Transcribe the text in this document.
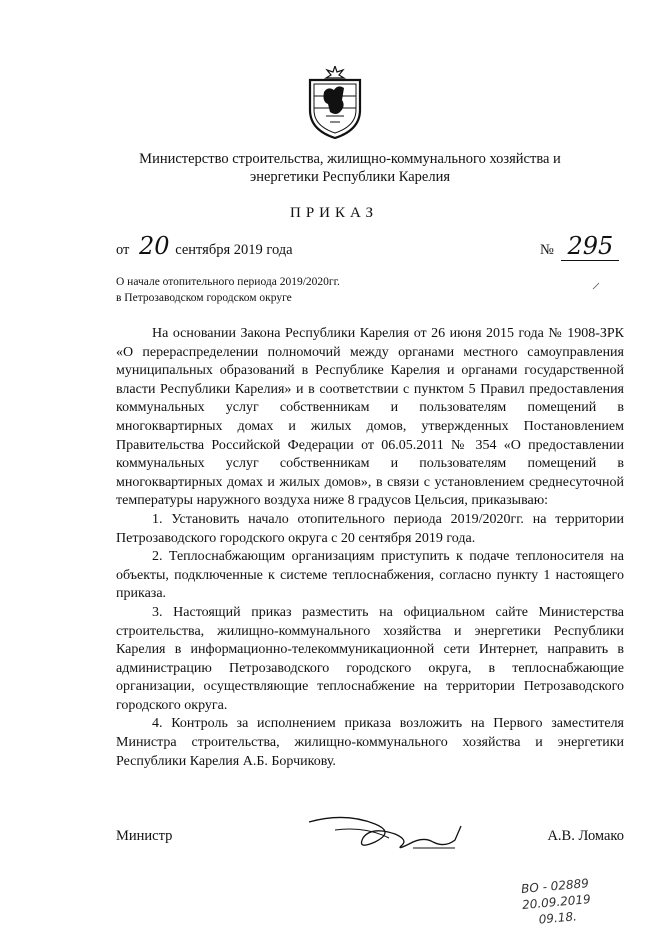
Министерство строительства, жилищно-коммунального хозяйства и энергетики Республики Карелия
ПРИКАЗ
от 20 сентября 2019 года	№ 295
О начале отопительного периода 2019/2020гг.
в Петрозаводском городском округе

На основании Закона Республики Карелия от 26 июня 2015 года № 1908-ЗРК «О перераспределении полномочий между органами местного самоуправления муниципальных образований в Республике Карелия и органами государственной власти Республики Карелия» и в соответствии с пунктом 5 Правил предоставления коммунальных услуг собственникам и пользователям помещений в многоквартирных домах и жилых домов, утвержденных Постановлением Правительства Российской Федерации от 06.05.2011 № 354 «О предоставлении коммунальных услуг собственникам и пользователям помещений в многоквартирных домах и жилых домов», в связи с установлением среднесуточной температуры наружного воздуха ниже 8 градусов Цельсия, приказываю:

1. Установить начало отопительного периода 2019/2020гг. на территории Петрозаводского городского округа с 20 сентября 2019 года.

2. Теплоснабжающим организациям приступить к подаче теплоносителя на объекты, подключенные к системе теплоснабжения, согласно пункту 1 настоящего приказа.

3. Настоящий приказ разместить на официальном сайте Министерства строительства, жилищно-коммунального хозяйства и энергетики Республики Карелия в информационно-телекоммуникационной сети Интернет, направить в администрацию Петрозаводского городского округа, в теплоснабжающие организации, осуществляющие теплоснабжение на территории Петрозаводского городского округа.

4. Контроль за исполнением приказа возложить на Первого заместителя Министра строительства, жилищно-коммунального хозяйства и энергетики Республики Карелия А.Б. Борчикову.

Министр	А.В. Ломако
ВО - 02889
20.09.2019
09.18.
